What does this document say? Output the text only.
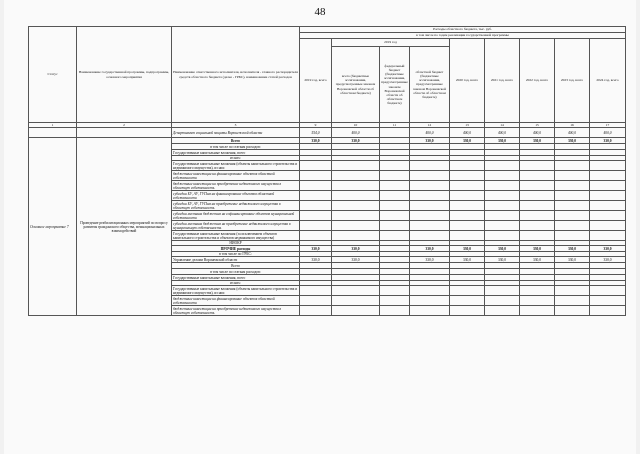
48
Статус	Наименование государственной программы, подпрограммы, основного мероприятия	Наименование ответственного исполнителя, исполнителя - главного распорядителя средств областного бюджета (далее - ГРБС), наименование статей расходов	Расходы областного бюджета, тыс. руб.								
			в том числе по годам реализации государственной программы								
			2019 год, всего	2019 год			2020 год, всего	2021 год, всего	2022 год, всего	2023 год, всего	2024 год, всего
				всего (бюджетные ассигнования, предусмотренные законом Воронежской области об областном бюджете)	федеральный бюджет (бюджетные ассигнования, предусмотренные законом Воронежской области об областном бюджете)	областной бюджет (бюджетные ассигнования, предусмотренные законом Воронежской области об областном бюджете)					
1	2	3	9	10	11	12	13	14	15	16	17
		Департамент социальной защиты Воронежской области	554,0	400,0		400,0	400,0	400,0	400,0	400,0	400,0
Основное мероприятие 7	Проведение реабилитационных мероприятий по вопросу развития гражданского общества, межнациональных взаимодействий	Всего	330,0	330,0		330,0	330,0	330,0	330,0	330,0	330,0
		в том числе по статьям расходов:									
		Государственные капитальные вложения, всего									
		из них:									
		Государственные капитальные вложения (объекты капитального строительства и недвижимого имущества), из них:									
		бюджетные инвестиции на финансирование объектов областной собственности									
		бюджетные инвестиции на приобретение недвижимого имущества в областную собственность									
		субсидии БУ, АУ, ГУПам на финансирование объектов областной собственности									
		субсидии БУ, АУ, ГУПам на приобретение недвижимого имущества в областную собственность									
		субсидии местным бюджетам на софинансирование объектов муниципальной собственности									
		субсидии местным бюджетам на приобретение недвижимого имущества в муниципальную собственность									
		Государственные капитальные вложения (за исключением объектов капитального строительства и объектов недвижимого имущества)									
		НИОКР									
		ПРОЧИЕ расходы	330,0	330,0		330,0	330,0	330,0	330,0	330,0	330,0
		в том числе по ГРБС:									
		Управление делами Воронежской области	330,0	330,0		330,0	330,0	330,0	330,0	330,0	330,0
		Всего									
		в том числе по статьям расходов:									
		Государственные капитальные вложения, всего									
		из них:									
		Государственные капитальные вложения (объекты капитального строительства и недвижимого имущества), из них:									
		бюджетные инвестиции на финансирование объектов областной собственности									
		бюджетные инвестиции на приобретение недвижимого имущества в областную собственность									
